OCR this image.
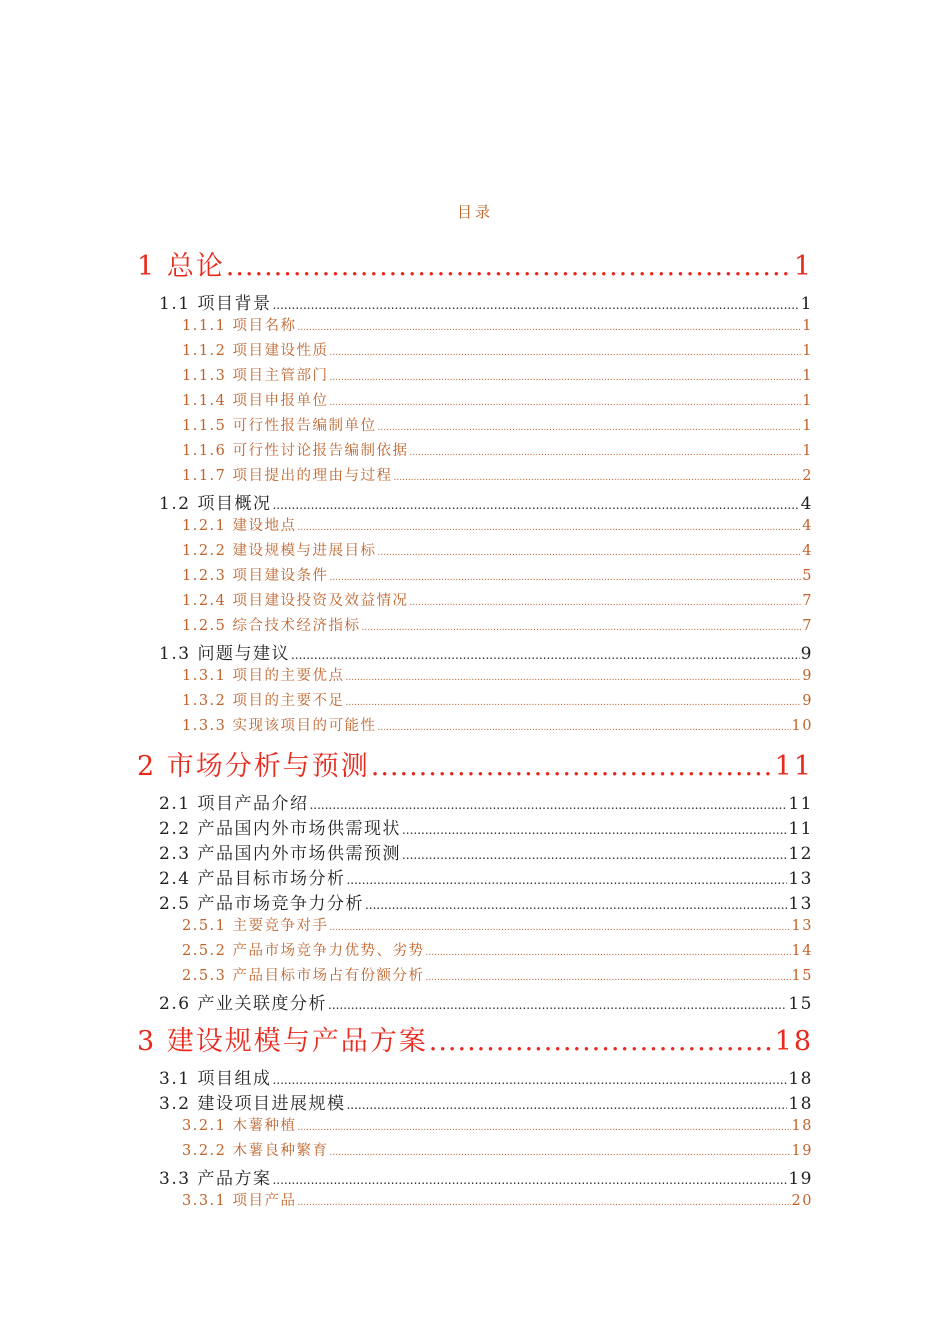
目录
1 总论 .....	1
1.1 项目背景 .....	1
1.1.1 项目名称 .....	1
1.1.2 项目建设性质 .....	1
1.1.3 项目主管部门 .....	1
1.1.4 项目申报单位 .....	1
1.1.5 可行性报告编制单位 .....	1
1.1.6 可行性讨论报告编制依据 .....	1
1.1.7 项目提出的理由与过程 .....	2
1.2 项目概况 .....	4
1.2.1 建设地点 .....	4
1.2.2 建设规模与进展目标 .....	4
1.2.3 项目建设条件 .....	5
1.2.4 项目建设投资及效益情况 .....	7
1.2.5 综合技术经济指标 .....	7
1.3 问题与建议 .....	9
1.3.1 项目的主要优点 .....	9
1.3.2 项目的主要不足 .....	9
1.3.3 实现该项目的可能性 .....	10
2 市场分析与预测 .....	11
2.1 项目产品介绍 .....	11
2.2 产品国内外市场供需现状 .....	11
2.3 产品国内外市场供需预测 .....	12
2.4 产品目标市场分析 .....	13
2.5 产品市场竞争力分析 .....	13
2.5.1 主要竞争对手 .....	13
2.5.2 产品市场竞争力优势、劣势 .....	14
2.5.3 产品目标市场占有份额分析 .....	15
2.6 产业关联度分析 .....	15
3 建设规模与产品方案 .....	18
3.1 项目组成 .....	18
3.2 建设项目进展规模 .....	18
3.2.1 木薯种植 .....	18
3.2.2 木薯良种繁育 .....	19
3.3 产品方案 .....	19
3.3.1 项目产品 .....	20
